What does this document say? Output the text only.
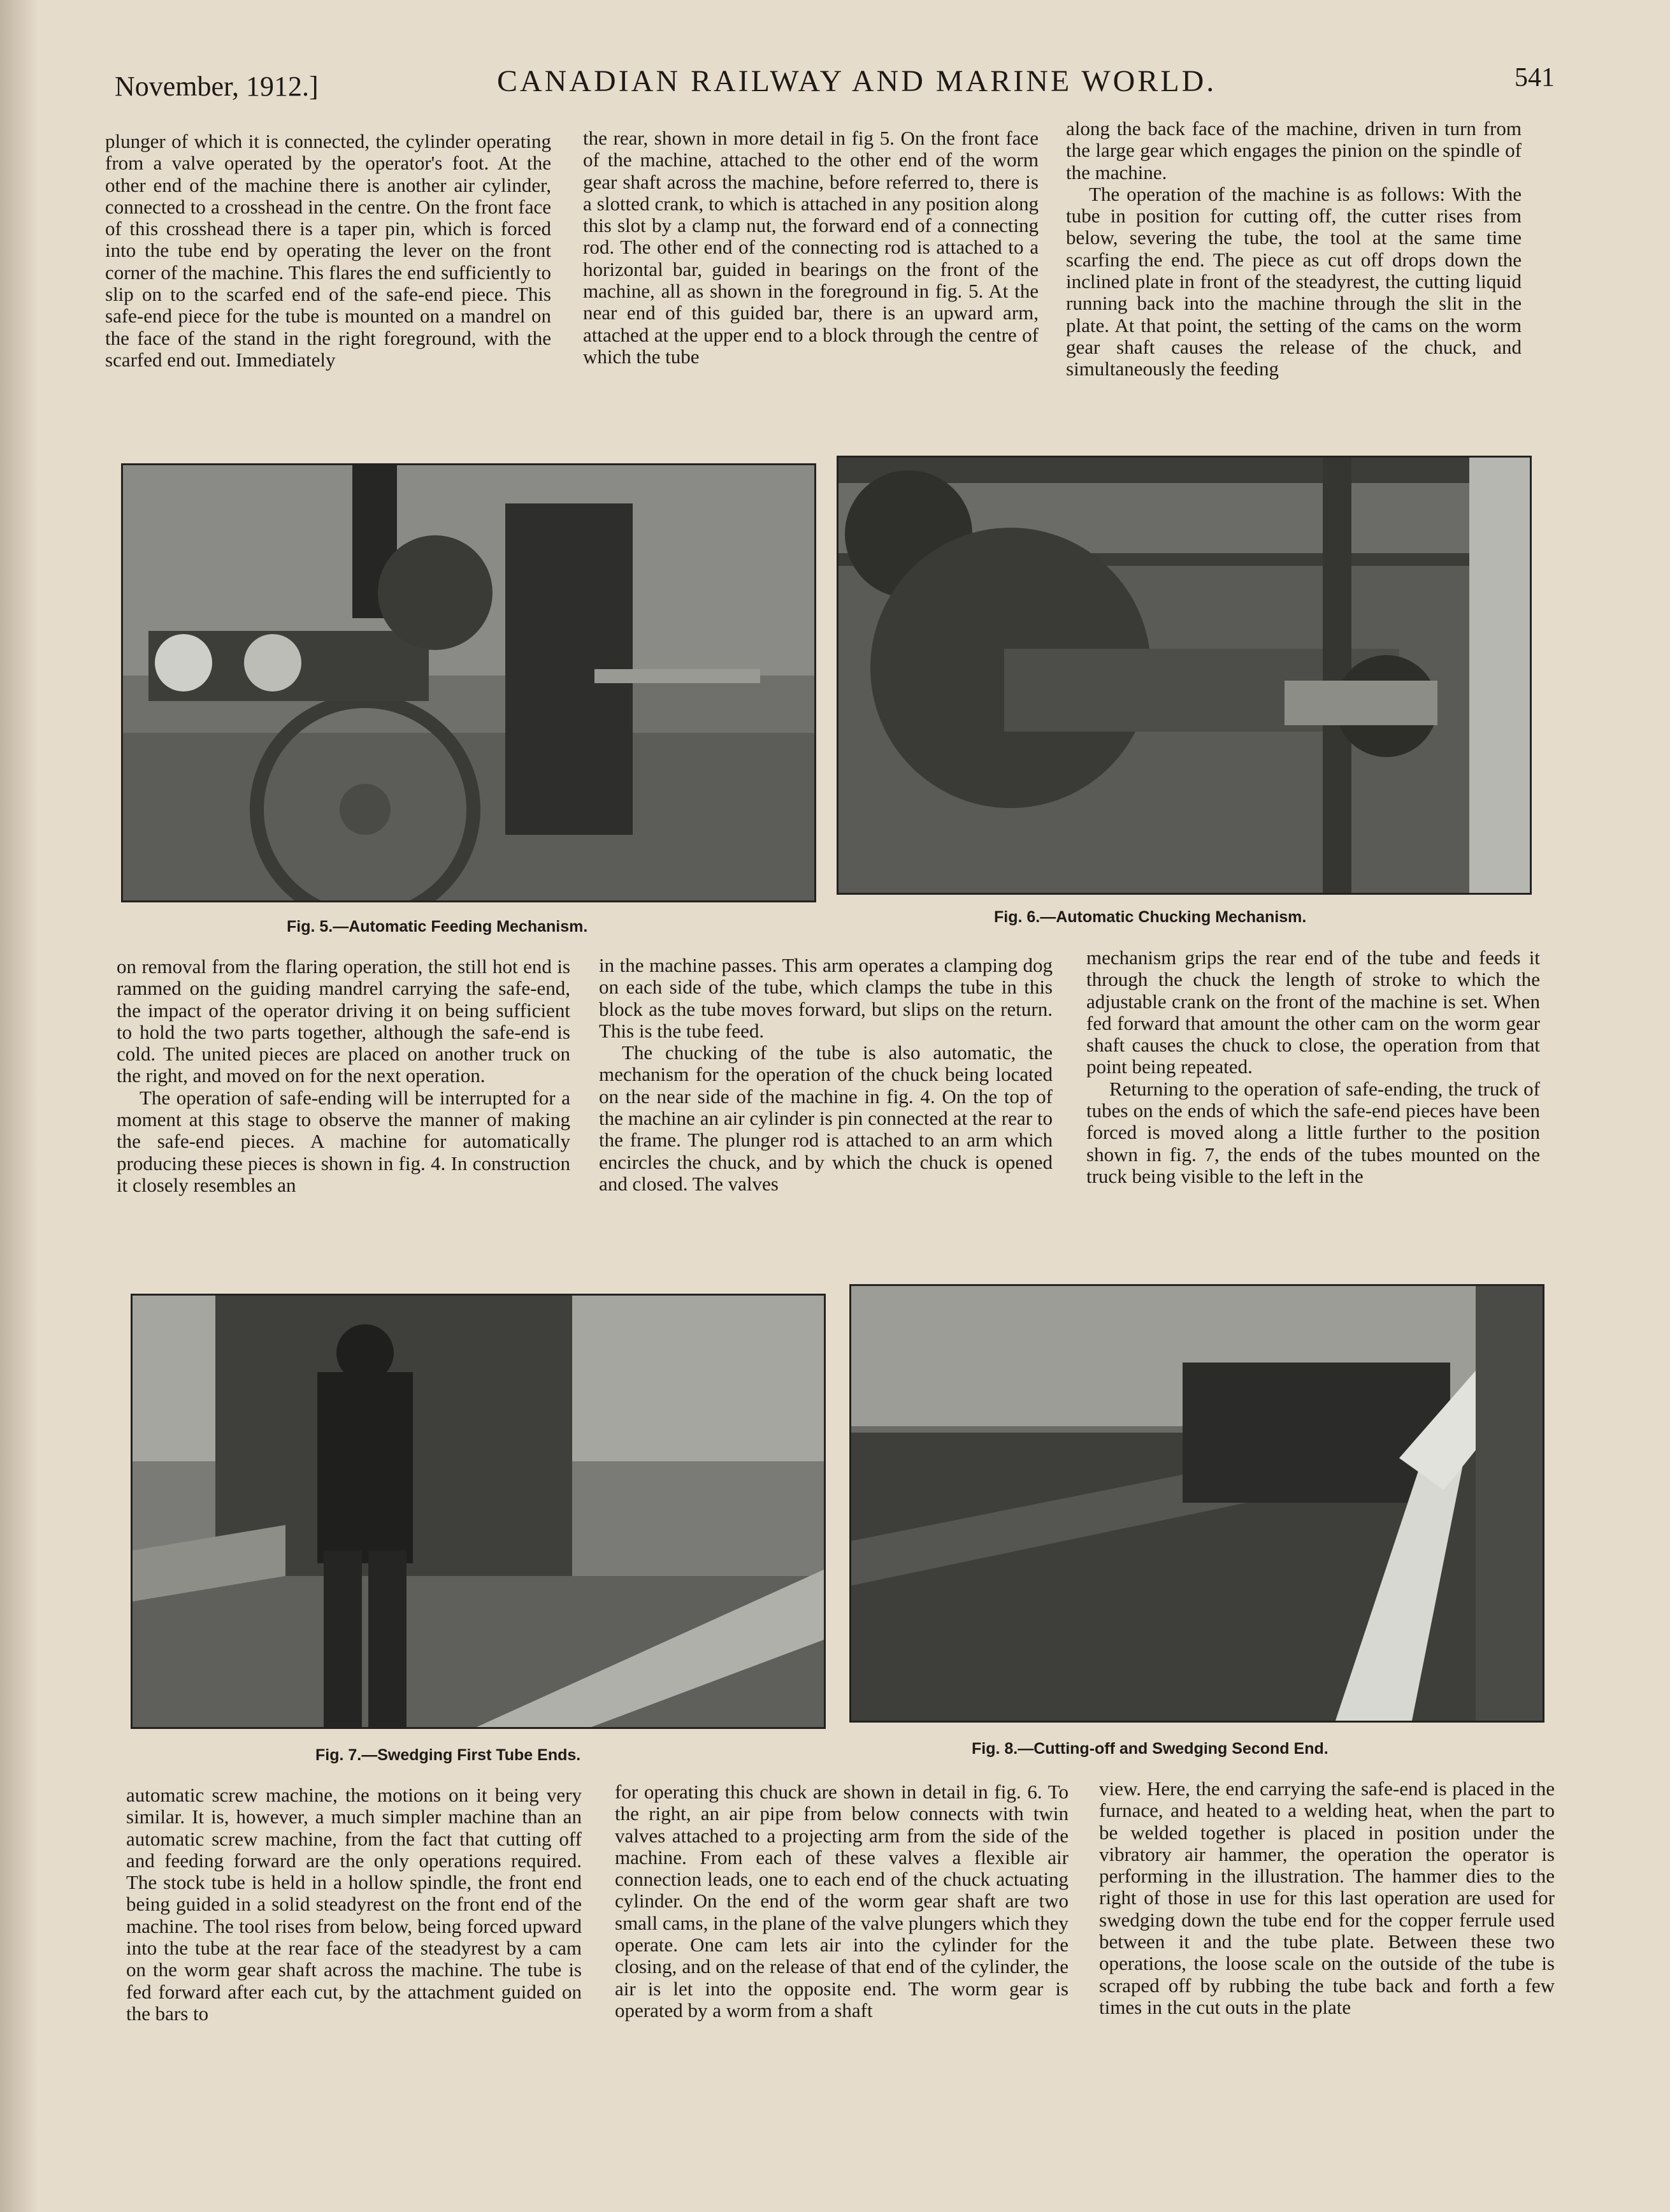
November, 1912.]	CANADIAN RAILWAY AND MARINE WORLD.	541

plunger of which it is connected, the cylinder operating from a valve operated by the operator's foot. At the other end of the machine there is another air cylinder, connected to a crosshead in the centre. On the front face of this crosshead there is a taper pin, which is forced into the tube end by operating the lever on the front corner of the machine. This flares the end sufficiently to slip on to the scarfed end of the safe-end piece. This safe-end piece for the tube is mounted on a mandrel on the face of the stand in the right foreground, with the scarfed end out. Immediately

the rear, shown in more detail in fig 5. On the front face of the machine, attached to the other end of the worm gear shaft across the machine, before referred to, there is a slotted crank, to which is attached in any position along this slot by a clamp nut, the forward end of a connecting rod. The other end of the connecting rod is attached to a horizontal bar, guided in bearings on the front of the machine, all as shown in the foreground in fig. 5. At the near end of this guided bar, there is an upward arm, attached at the upper end to a block through the centre of which the tube

along the back face of the machine, driven in turn from the large gear which engages the pinion on the spindle of the machine.

The operation of the machine is as follows: With the tube in position for cutting off, the cutter rises from below, severing the tube, the tool at the same time scarfing the end. The piece as cut off drops down the inclined plate in front of the steadyrest, the cutting liquid running back into the machine through the slit in the plate. At that point, the setting of the cams on the worm gear shaft causes the release of the chuck, and simultaneously the feeding

Fig. 5.—Automatic Feeding Mechanism.
Fig. 6.—Automatic Chucking Mechanism.

on removal from the flaring operation, the still hot end is rammed on the guiding mandrel carrying the safe-end, the impact of the operator driving it on being sufficient to hold the two parts together, although the safe-end is cold. The united pieces are placed on another truck on the right, and moved on for the next operation.

The operation of safe-ending will be interrupted for a moment at this stage to observe the manner of making the safe-end pieces. A machine for automatically producing these pieces is shown in fig. 4. In construction it closely resembles an

in the machine passes. This arm operates a clamping dog on each side of the tube, which clamps the tube in this block as the tube moves forward, but slips on the return. This is the tube feed.

The chucking of the tube is also automatic, the mechanism for the operation of the chuck being located on the near side of the machine in fig. 4. On the top of the machine an air cylinder is pin connected at the rear to the frame. The plunger rod is attached to an arm which encircles the chuck, and by which the chuck is opened and closed. The valves

mechanism grips the rear end of the tube and feeds it through the chuck the length of stroke to which the adjustable crank on the front of the machine is set. When fed forward that amount the other cam on the worm gear shaft causes the chuck to close, the operation from that point being repeated.

Returning to the operation of safe-ending, the truck of tubes on the ends of which the safe-end pieces have been forced is moved along a little further to the position shown in fig. 7, the ends of the tubes mounted on the truck being visible to the left in the

Fig. 7.—Swedging First Tube Ends.	Fig. 8.—Cutting-off and Swedging Second End.

automatic screw machine, the motions on it being very similar. It is, however, a much simpler machine than an automatic screw machine, from the fact that cutting off and feeding forward are the only operations required. The stock tube is held in a hollow spindle, the front end being guided in a solid steadyrest on the front end of the machine. The tool rises from below, being forced upward into the tube at the rear face of the steadyrest by a cam on the worm gear shaft across the machine. The tube is fed forward after each cut, by the attachment guided on the bars to

for operating this chuck are shown in detail in fig. 6. To the right, an air pipe from below connects with twin valves attached to a projecting arm from the side of the machine. From each of these valves a flexible air connection leads, one to each end of the chuck actuating cylinder. On the end of the worm gear shaft are two small cams, in the plane of the valve plungers which they operate. One cam lets air into the cylinder for the closing, and on the release of that end of the cylinder, the air is let into the opposite end. The worm gear is operated by a worm from a shaft

view. Here, the end carrying the safe-end is placed in the furnace, and heated to a welding heat, when the part to be welded together is placed in position under the vibratory air hammer, the operation the operator is performing in the illustration. The hammer dies to the right of those in use for this last operation are used for swedging down the tube end for the copper ferrule used between it and the tube plate. Between these two operations, the loose scale on the outside of the tube is scraped off by rubbing the tube back and forth a few times in the cut outs in the plate
